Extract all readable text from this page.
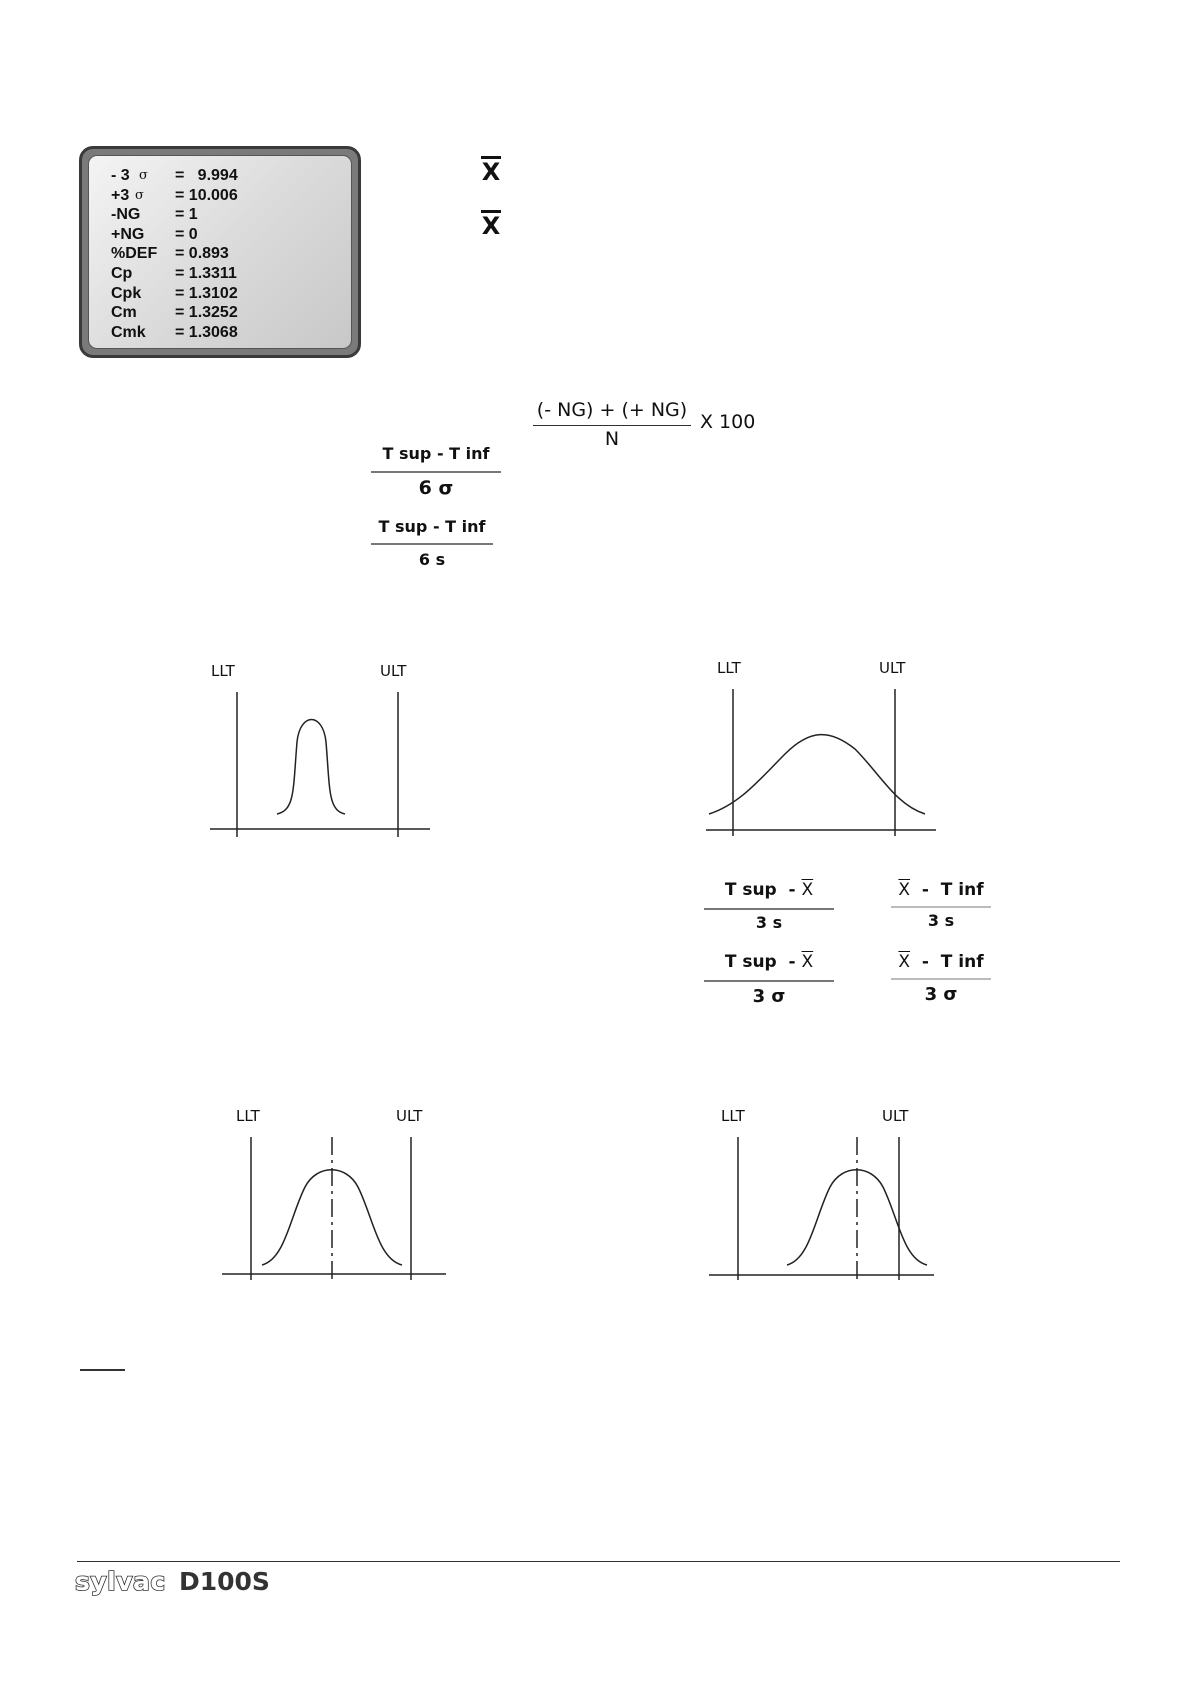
- 3 σ =   9.994
+3 σ = 10.006
-NG	= 1
+NG	= 0
%DEF	= 0.893
Cp	= 1.3311
Cpk	= 1.3102
Cm	= 1.3252
Cmk	= 1.3068
X
X
(- NG) + (+ NG)
N
X 100
T sup - T inf
6 σ
T sup - T inf
6 s
LLT	ULT	LLT	ULT
T sup  - $\overline{X}$
3 s
$\overline{X}$  -  T inf
3 s
T sup  - $\overline{X}$
3 σ
$\overline{X}$  -  T inf
3 σ
LLT	ULT	LLT	ULT
sylvac D100S
